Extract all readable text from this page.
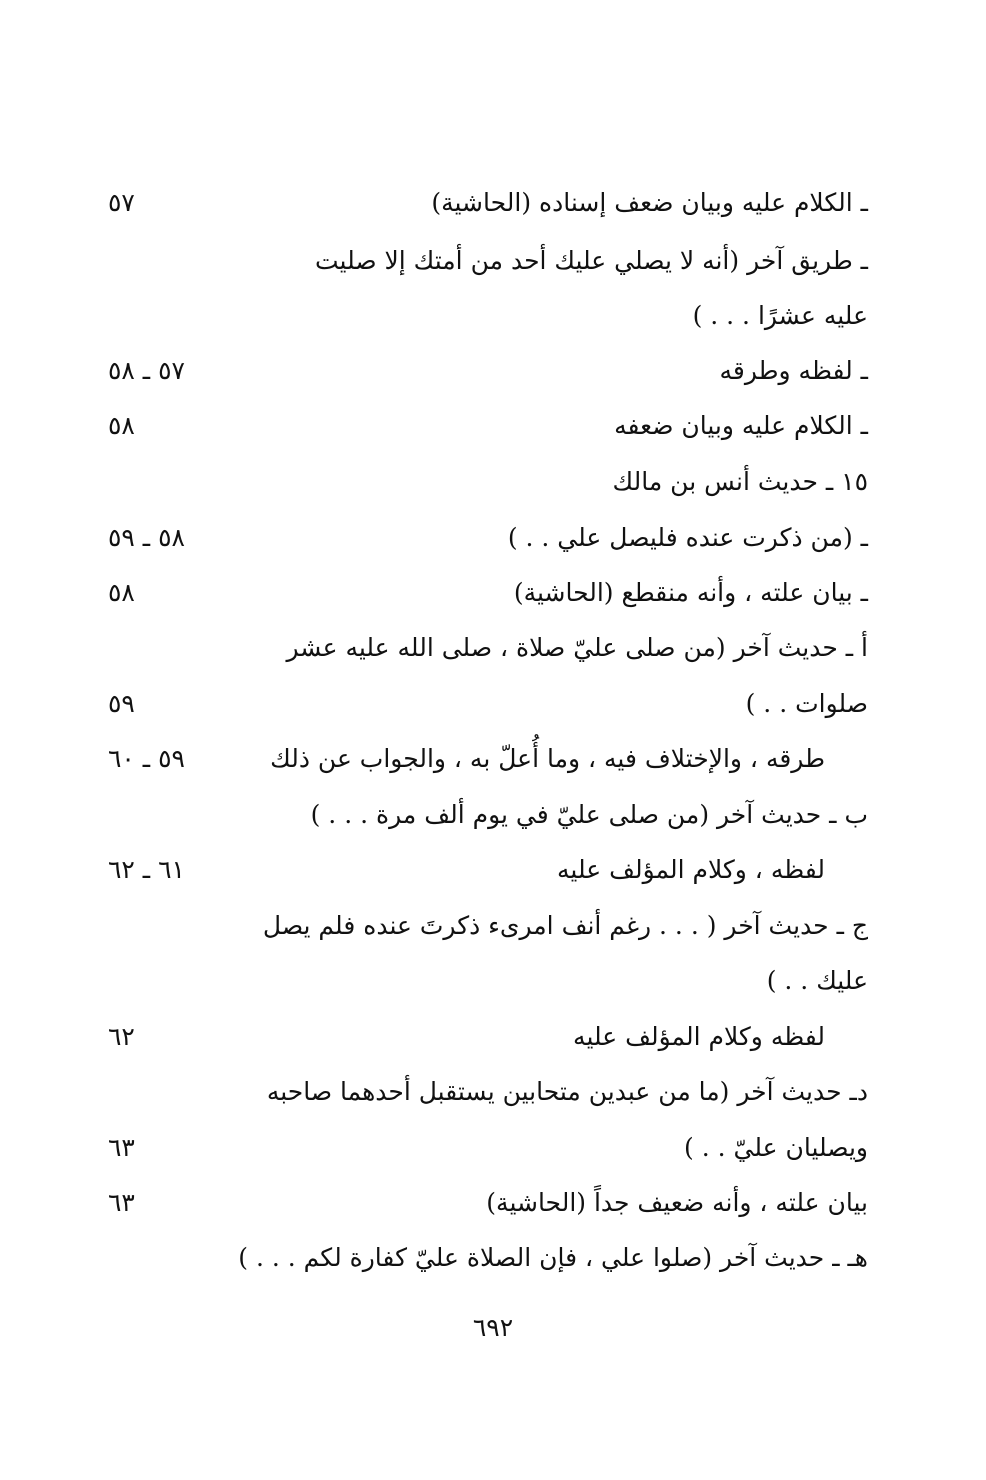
ـ الكلام عليه وبيان ضعف إسناده (الحاشية)
٥٧
ـ طريق آخر (أنه لا يصلي عليك أحد من أمتك إلا صليت
عليه عشرًا . . . )
ـ لفظه وطرقه
٥٧ ـ ٥٨
ـ الكلام عليه وبيان ضعفه
٥٨
١٥ ـ حديث أنس بن مالك
ـ (من ذكرت عنده فليصل علي . . )
٥٨ ـ ٥٩
ـ بيان علته ، وأنه منقطع (الحاشية)
٥٨
أ ـ حديث آخر (من صلى عليّ صلاة ، صلى الله عليه عشر
صلوات . . )
٥٩
طرقه ، والإختلاف فيه ، وما أُعلّ به ، والجواب عن ذلك
٥٩ ـ ٦٠
ب ـ حديث آخر (من صلى عليّ في يوم ألف مرة . . . )
لفظه ، وكلام المؤلف عليه
٦١ ـ ٦٢
ج ـ حديث آخر ( . . . رغم أنف امرىء ذكرتَ عنده فلم يصل
عليك . . )
لفظه وكلام المؤلف عليه
٦٢
دـ حديث آخر (ما من عبدين متحابين يستقبل أحدهما صاحبه
ويصليان عليّ . . )
٦٣
بيان علته ، وأنه ضعيف جداً (الحاشية)
٦٣
هـ ـ حديث آخر (صلوا علي ، فإن الصلاة عليّ كفارة لكم . . . )
٦٩٢
